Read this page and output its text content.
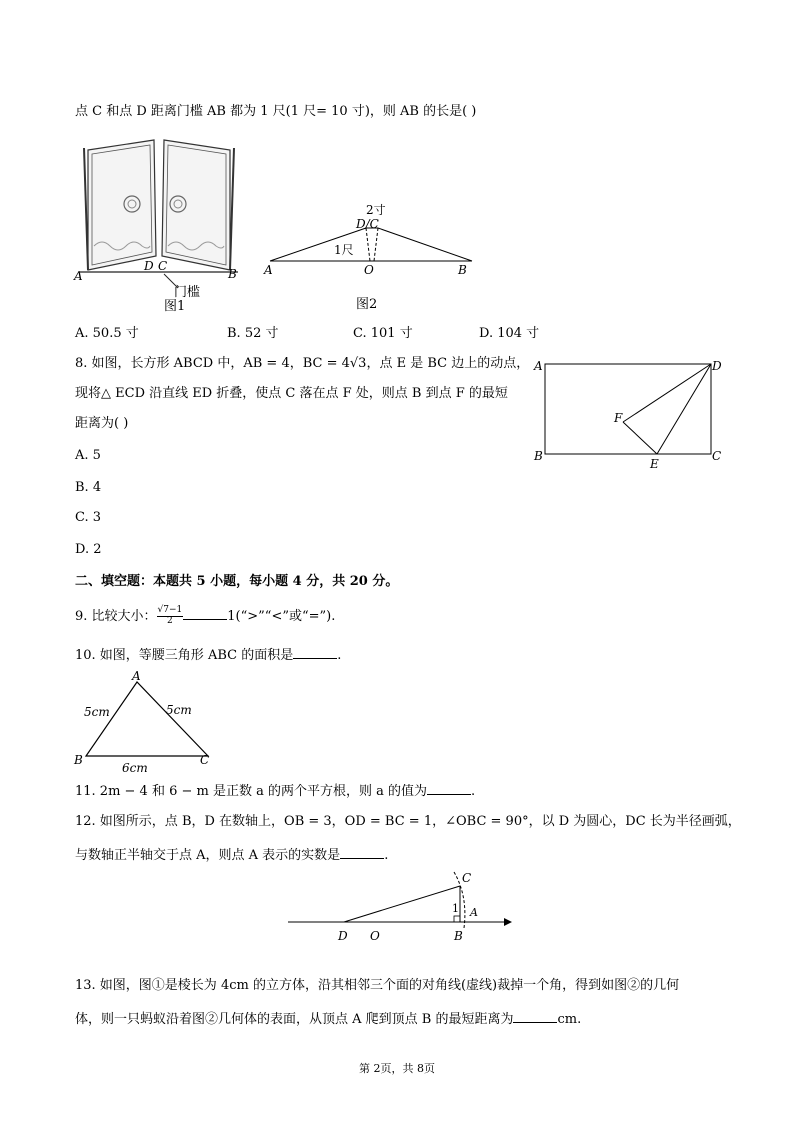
点 C 和点 D 距离门槛 AB 都为 1 尺(1 尺= 10 寸)，则 AB 的长是( )
A
D C
B
门槛
图1
2寸
D/C
1尺
A	O	B
图2
A. 50.5 寸	B. 52 寸	C. 101 寸	D. 104 寸
8. 如图，长方形 ABCD 中，AB = 4，BC = 4√3，点 E 是 BC 边上的动点，
现将△ ECD 沿直线 ED 折叠，使点 C 落在点 F 处，则点 B 到点 F 的最短
距离为( )
A. 5
B. 4
C. 3
D. 2
A	D
F
B
E
C
二、填空题：本题共 5 小题，每小题 4 分，共 20 分。
9. 比较大小： $\frac{√7-1}{2}$	1(“>”“<”或“=”).
10. 如图，等腰三角形 ABC 的面积是	.
A
B	C
5cm	5cm
6cm
11. 2m − 4 和 6 − m 是正数 a 的两个平方根，则 a 的值为	.
12. 如图所示，点 B，D 在数轴上，OB = 3，OD = BC = 1，∠OBC = 90°，以 D 为圆心，DC 长为半径画弧，
与数轴正半轴交于点 A，则点 A 表示的实数是	.
C
1 A
D O	B
13. 如图，图①是棱长为 4cm 的立方体，沿其相邻三个面的对角线(虚线)裁掉一个角，得到如图②的几何
体，则一只蚂蚁沿着图②几何体的表面，从顶点 A 爬到顶点 B 的最短距离为	cm.
第 2页，共 8页
